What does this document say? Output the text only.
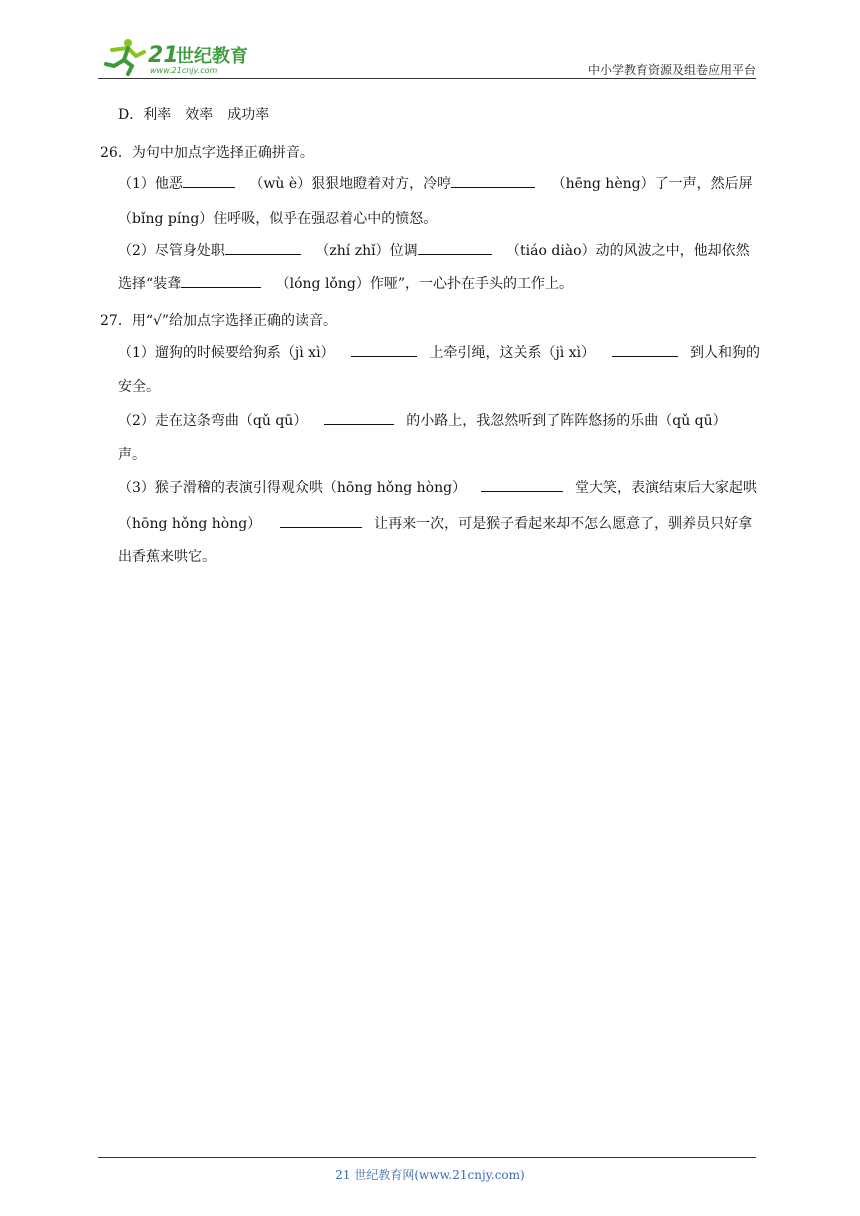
21
世纪教育
www.21cnjy.com	中小学教育资源及组卷应用平台
D．利率　效率　成功率
26．为句中加点字选择正确拼音。
（1）他恶	（wù è）狠狠地瞪着对方，冷哼	（hēng hèng）了一声，然后屏
（bǐng píng）住呼吸，似乎在强忍着心中的愤怒。
（2）尽管身处职	（zhí zhǐ）位调	（tiáo diào）动的风波之中，他却依然
选择“装聋	（lóng lǒng）作哑”，一心扑在手头的工作上。
27．用“√”给加点字选择正确的读音。
（1）遛狗的时候要给狗系（jì xì）	上牵引绳，这关系（jì xì）	到人和狗的
安全。
（2）走在这条弯曲（qǔ qū）	的小路上，我忽然听到了阵阵悠扬的乐曲（qǔ qū）
声。
（3）猴子滑稽的表演引得观众哄（hōng hǒng hòng）	堂大笑，表演结束后大家起哄
（hōng hǒng hòng）	让再来一次，可是猴子看起来却不怎么愿意了，驯养员只好拿
出香蕉来哄它。
21 世纪教育网(www.21cnjy.com)
